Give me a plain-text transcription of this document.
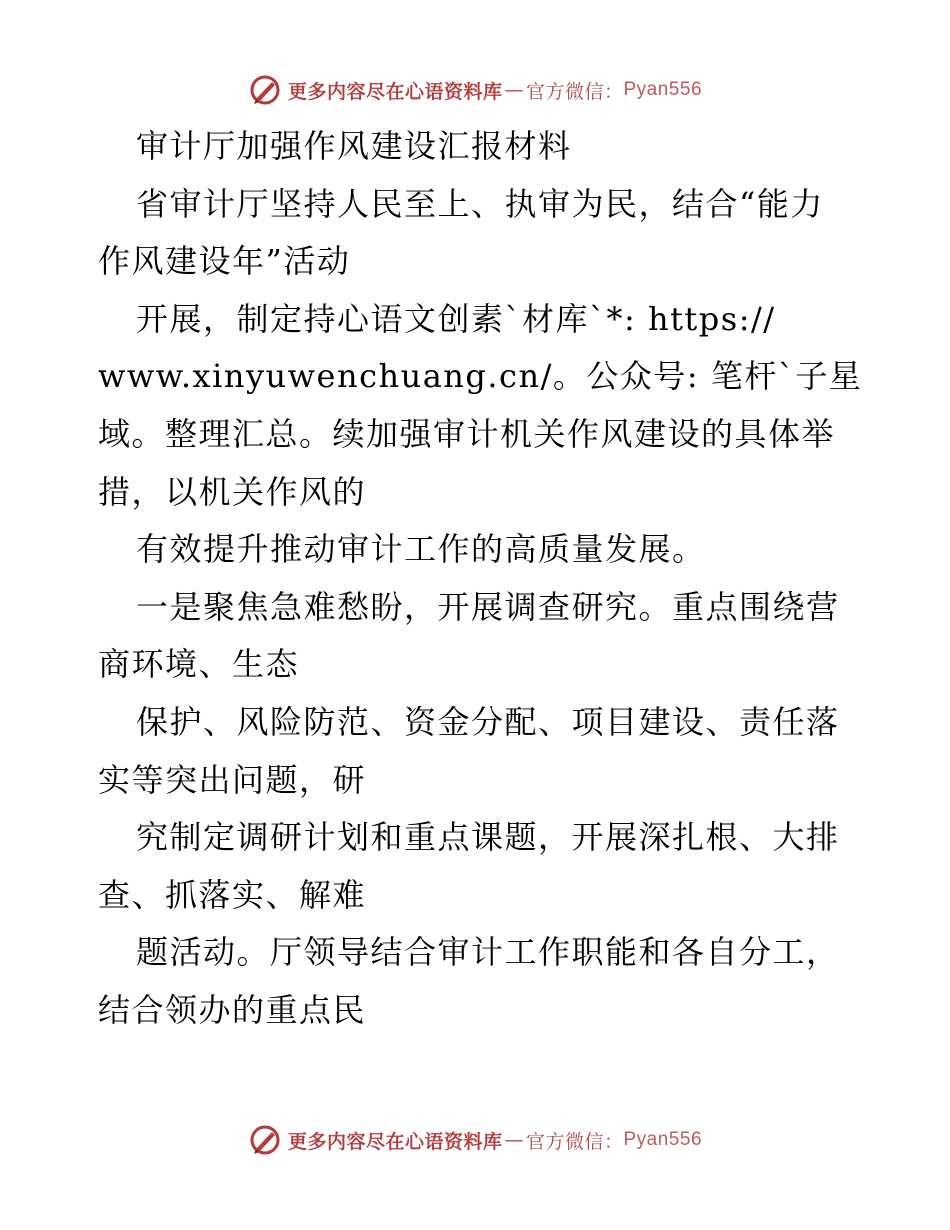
更多内容尽在心语资料库 — 官方微信： Pyan556

审计厅加强作风建设汇报材料

省审计厅坚持人民至上、执审为民，结合“能力

作风建设年”活动

开展，制定持心语文创素`材库`*: https://

www.xinyuwenchuang.cn/。公众号: 笔杆`子星

域。整理汇总。续加强审计机关作风建设的具体举

措，以机关作风的

有效提升推动审计工作的高质量发展。

一是聚焦急难愁盼，开展调查研究。重点围绕营

商环境、生态

保护、风险防范、资金分配、项目建设、责任落

实等突出问题，研

究制定调研计划和重点课题，开展深扎根、大排

查、抓落实、解难

题活动。厅领导结合审计工作职能和各自分工，

结合领办的重点民

更多内容尽在心语资料库 — 官方微信： Pyan556
